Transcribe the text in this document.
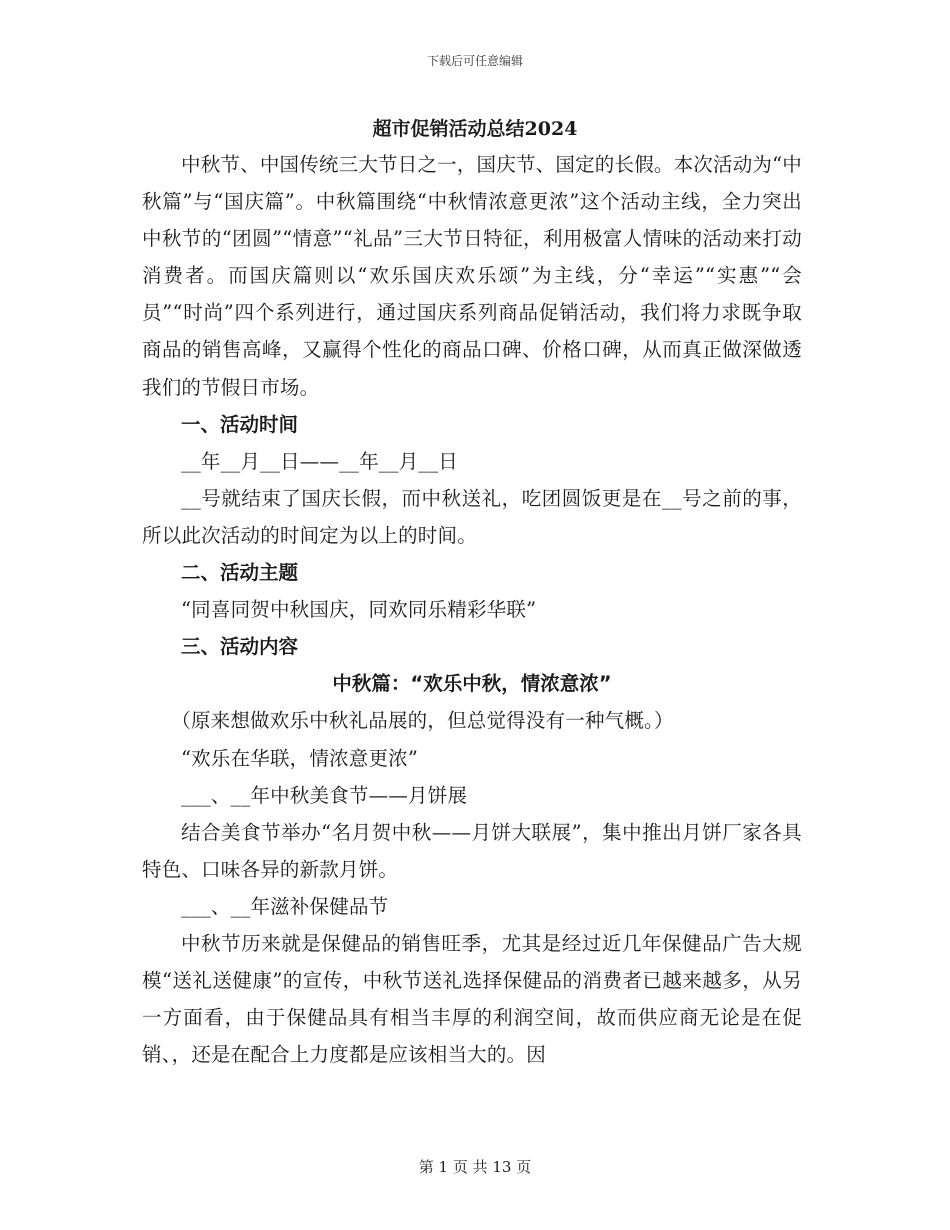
下载后可任意编辑
超市促销活动总结2024

中秋节、中国传统三大节日之一，国庆节、国定的长假。本次活动为“中秋篇”与“国庆篇”。中秋篇围绕“中秋情浓意更浓”这个活动主线，全力突出中秋节的“团圆”“情意”“礼品”三大节日特征，利用极富人情味的活动来打动消费者。而国庆篇则以“欢乐国庆欢乐颂”为主线，分“幸运”“实惠”“会员”“时尚”四个系列进行，通过国庆系列商品促销活动，我们将力求既争取商品的销售高峰，又赢得个性化的商品口碑、价格口碑，从而真正做深做透我们的节假日市场。

一、活动时间

__年__月__日——__年__月__日

__号就结束了国庆长假，而中秋送礼，吃团圆饭更是在__号之前的事，所以此次活动的时间定为以上的时间。

二、活动主题

“同喜同贺中秋国庆，同欢同乐精彩华联”

三、活动内容
中秋篇：“欢乐中秋，情浓意浓”

（原来想做欢乐中秋礼品展的，但总觉得没有一种气概。）

“欢乐在华联，情浓意更浓”

___、__年中秋美食节——月饼展

结合美食节举办“名月贺中秋——月饼大联展”，集中推出月饼厂家各具特色、口味各异的新款月饼。

___、__年滋补保健品节

中秋节历来就是保健品的销售旺季，尤其是经过近几年保健品广告大规模“送礼送健康”的宣传，中秋节送礼选择保健品的消费者已越来越多，从另一方面看，由于保健品具有相当丰厚的利润空间，故而供应商无论是在促销、，还是在配合上力度都是应该相当大的。因

第 1 页 共 13 页
